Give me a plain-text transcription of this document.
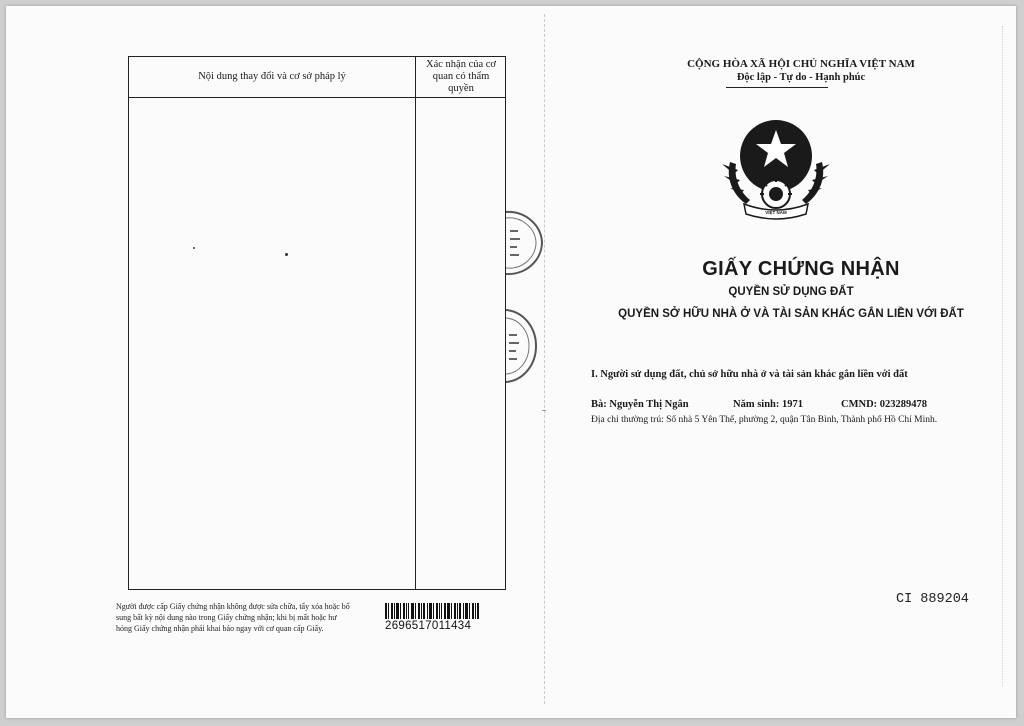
Nội dung thay đổi và cơ sở pháp lý
Xác nhận của cơ
quan có thẩm
quyền
Người được cấp Giấy chứng nhận không được sửa chữa, tẩy xóa hoặc bổ
sung bất kỳ nội dung nào trong Giấy chứng nhận; khi bị mất hoặc hư
hỏng Giấy chứng nhận phải khai báo ngay với cơ quan cấp Giấy.	2696517011434
CỘNG HÒA XÃ HỘI CHỦ NGHĨA VIỆT NAM
Độc lập - Tự do - Hạnh phúc
VIỆT NAM
GIẤY CHỨNG NHẬN
QUYỀN SỬ DỤNG ĐẤT
QUYỀN SỞ HỮU NHÀ Ở VÀ TÀI SẢN KHÁC GẮN LIỀN VỚI ĐẤT
I. Người sử dụng đất, chủ sở hữu nhà ở và tài sản khác gắn liền với đất
Bà: Nguyễn Thị Ngân	Năm sinh: 1971	CMND: 023289478
Địa chỉ thường trú: Số nhà 5 Yên Thế, phường 2, quận Tân Bình, Thành phố Hồ Chí Minh.
CI 889204
